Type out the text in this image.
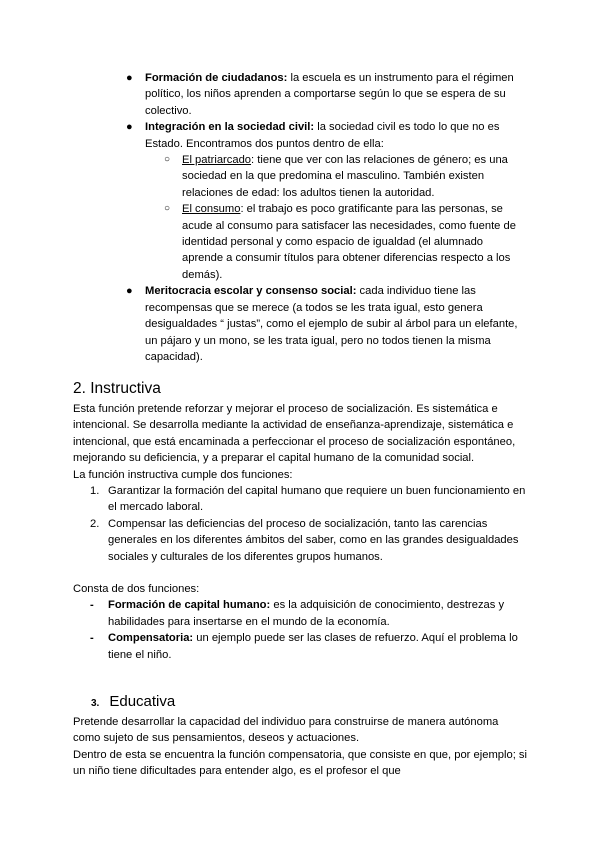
● Formación de ciudadanos: la escuela es un instrumento para el régimen político, los niños aprenden a comportarse según lo que se espera de su colectivo.
● Integración en la sociedad civil: la sociedad civil es todo lo que no es Estado. Encontramos dos puntos dentro de ella:
○ El patriarcado: tiene que ver con las relaciones de género; es una sociedad en la que predomina el masculino. También existen relaciones de edad: los adultos tienen la autoridad.
○ El consumo: el trabajo es poco gratificante para las personas, se acude al consumo para satisfacer las necesidades, como fuente de identidad personal y como espacio de igualdad (el alumnado aprende a consumir títulos para obtener diferencias respecto a los demás).
● Meritocracia escolar y consenso social: cada individuo tiene las recompensas que se merece (a todos se les trata igual, esto genera desigualdades “ justas”, como el ejemplo de subir al árbol para un elefante, un pájaro y un mono, se les trata igual, pero no todos tienen la misma capacidad).
2. Instructiva
Esta función pretende reforzar y mejorar el proceso de socialización. Es sistemática e intencional. Se desarrolla mediante la actividad de enseñanza-aprendizaje, sistemática e intencional, que está encaminada a perfeccionar el proceso de socialización espontáneo, mejorando su deficiencia, y a preparar el capital humano de la comunidad social.
La función instructiva cumple dos funciones:
1. Garantizar la formación del capital humano que requiere un buen funcionamiento en el mercado laboral.
2. Compensar las deficiencias del proceso de socialización, tanto las carencias generales en los diferentes ámbitos del saber, como en las grandes desigualdades sociales y culturales de los diferentes grupos humanos.
Consta de dos funciones:
- Formación de capital humano: es la adquisición de conocimiento, destrezas y habilidades para insertarse en el mundo de la economía.
- Compensatoria: un ejemplo puede ser las clases de refuerzo. Aquí el problema lo tiene el niño.
3. Educativa
Pretende desarrollar la capacidad del individuo para construirse de manera autónoma como sujeto de sus pensamientos, deseos y actuaciones.
Dentro de esta se encuentra la función compensatoria, que consiste en que, por ejemplo; si un niño tiene dificultades para entender algo, es el profesor el que
